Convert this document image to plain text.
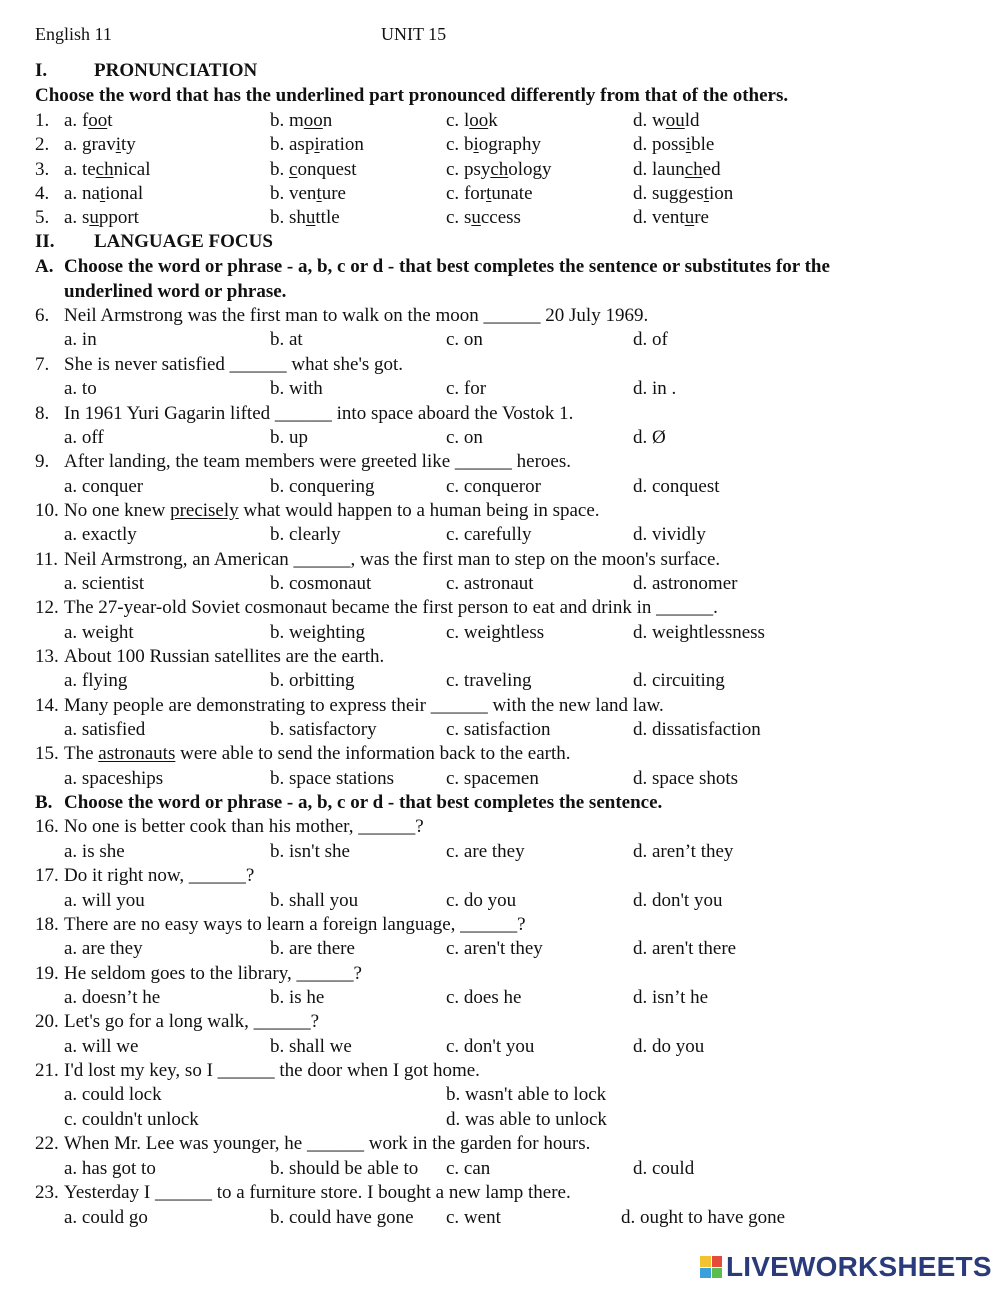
English 11	UNIT 15
I. PRONUNCIATION
Choose the word that has the underlined part pronounced differently from that of the others.
1. a. foot	b. moon	c. look	d. would
2. a. gravity	b. aspiration	c. biography	d. possible
3. a. technical	b. conquest	c. psychology	d. launched
4. a. national	b. venture	c. fortunate	d. suggestion
5. a. support	b. shuttle	c. success	d. venture
II. LANGUAGE FOCUS
A. Choose the word or phrase - a, b, c or d - that best completes the sentence or substitutes for the
underlined word or phrase.
6. Neil Armstrong was the first man to walk on the moon ______ 20 July 1969.
a. in	b. at	c. on	d. of
7. She is never satisfied ______ what she's got.
a. to	b. with	c. for	d. in .
8. In 1961 Yuri Gagarin lifted ______ into space aboard the Vostok 1.
a. off	b. up	c. on	d. Ø
9. After landing, the team members were greeted like ______ heroes.
a. conquer	b. conquering	c. conqueror	d. conquest
10. No one knew precisely what would happen to a human being in space.
a. exactly	b. clearly	c. carefully	d. vividly
11. Neil Armstrong, an American ______, was the first man to step on the moon's surface.
a. scientist	b. cosmonaut	c. astronaut	d. astronomer
12. The 27-year-old Soviet cosmonaut became the first person to eat and drink in ______.
a. weight	b. weighting	c. weightless	d. weightlessness
13. About 100 Russian satellites are the earth.
a. flying	b. orbitting	c. traveling	d. circuiting
14. Many people are demonstrating to express their ______ with the new land law.
a. satisfied	b. satisfactory	c. satisfaction	d. dissatisfaction
15. The astronauts were able to send the information back to the earth.
a. spaceships	b. space stations	c. spacemen	d. space shots
B. Choose the word or phrase - a, b, c or d - that best completes the sentence.
16. No one is better cook than his mother, ______?
a. is she	b. isn't she	c. are they	d. aren’t they
17. Do it right now, ______?
a. will you	b. shall you	c. do you	d. don't you
18. There are no easy ways to learn a foreign language, ______?
a. are they	b. are there	c. aren't they	d. aren't there
19. He seldom goes to the library, ______?
a. doesn’t he	b. is he	c. does he	d. isn’t he
20. Let's go for a long walk, ______?
a. will we	b. shall we	c. don't you	d. do you
21. I'd lost my key, so I ______ the door when I got home.
a. could lock	b. wasn't able to lock
c. couldn't unlock	d. was able to unlock
22. When Mr. Lee was younger, he ______ work in the garden for hours.
a. has got to	b. should be able to c. can	d. could
23. Yesterday I ______ to a furniture store. I bought a new lamp there.
a. could go	b. could have gone c. went	d. ought to have gone
LIVEWORKSHEETS
